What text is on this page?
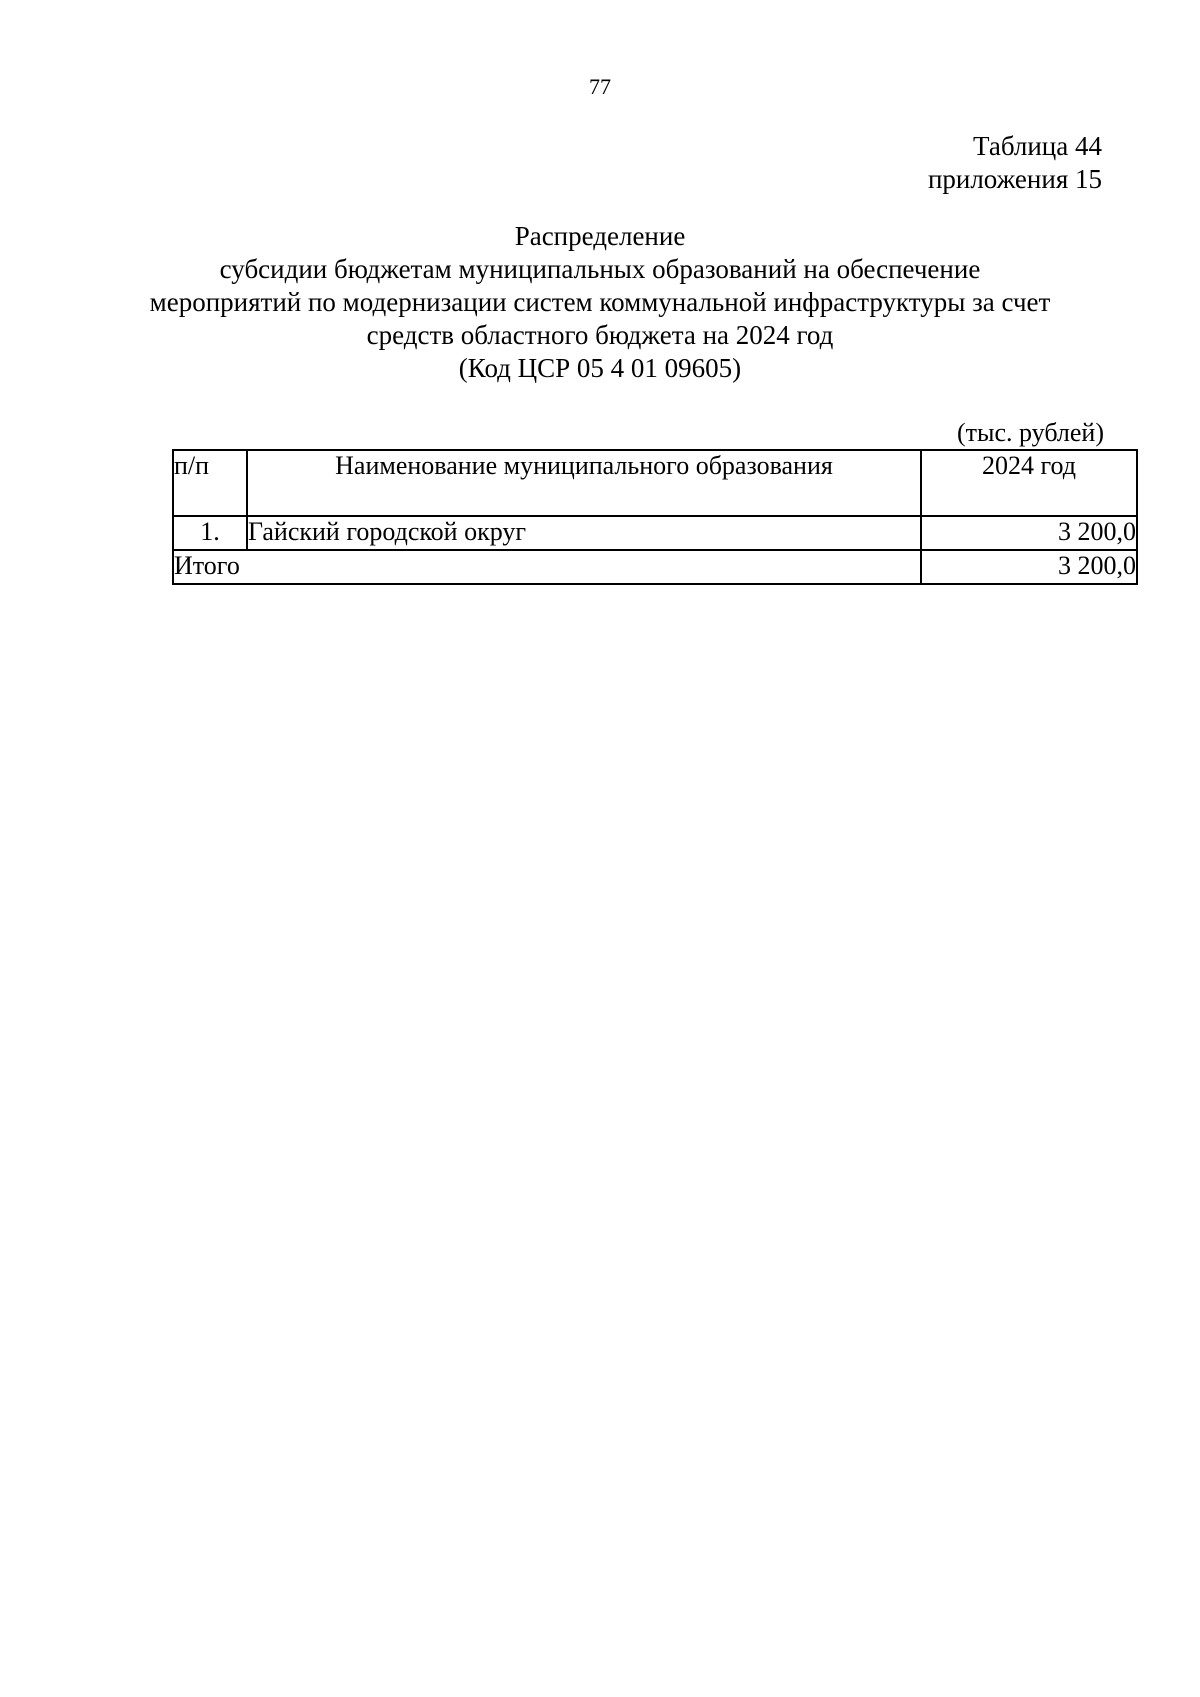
77
Таблица 44
приложения 15
Распределение
субсидии бюджетам муниципальных образований на обеспечение
мероприятий по модернизации систем коммунальной инфраструктуры за счет
средств областного бюджета на 2024 год
(Код ЦСР 05 4 01 09605)
(тыс. рублей)
п/п	Наименование муниципального образования	2024 год
1.	Гайский городской округ	3 200,0
Итого		3 200,0
